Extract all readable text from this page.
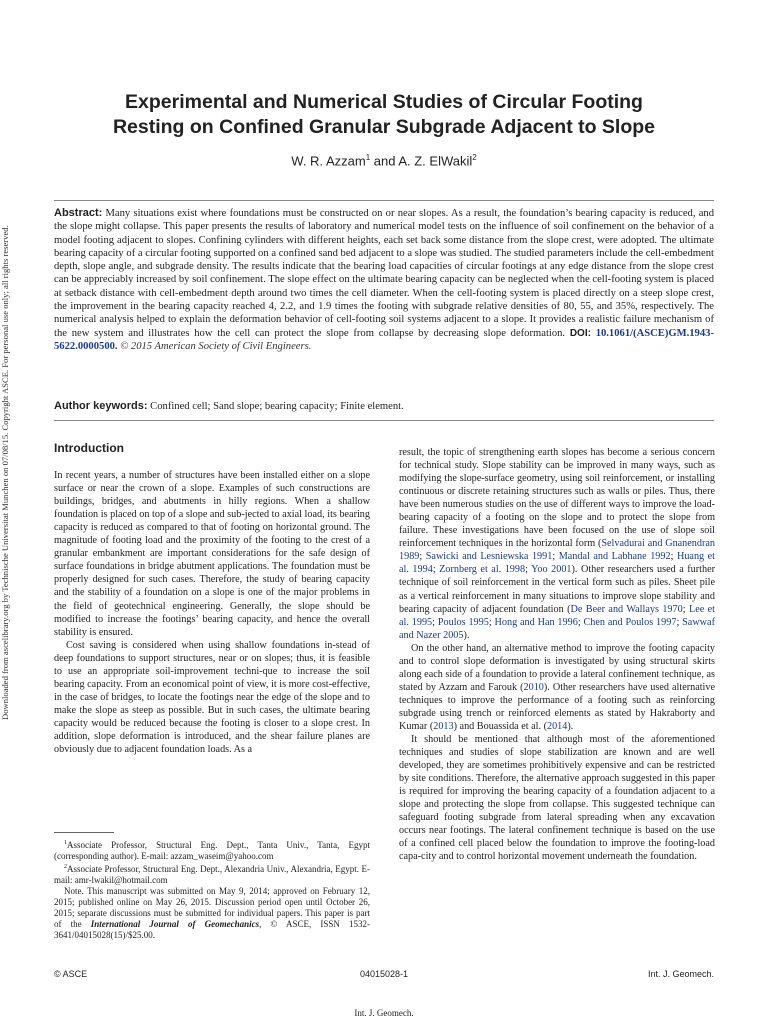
Downloaded from ascelibrary.org by Technische Universitat Munchen on 07/08/15. Copyright ASCE. For personal use only; all rights reserved.
Experimental and Numerical Studies of Circular Footing
Resting on Confined Granular Subgrade Adjacent to Slope
W. R. Azzam$^1$ and A. Z. ElWakil$^2$

Abstract: Many situations exist where foundations must be constructed on or near slopes. As a result, the foundation’s bearing capacity is reduced, and the slope might collapse. This paper presents the results of laboratory and numerical model tests on the influence of soil confinement on the behavior of a model footing adjacent to slopes. Confining cylinders with different heights, each set back some distance from the slope crest, were adopted. The ultimate bearing capacity of a circular footing supported on a confined sand bed adjacent to a slope was studied. The studied parameters include the cell-embedment depth, slope angle, and subgrade density. The results indicate that the bearing load capacities of circular footings at any edge distance from the slope crest can be appreciably increased by soil confinement. The slope effect on the ultimate bearing capacity can be neglected when the cell-footing system is placed at setback distance with cell-embedment depth around two times the cell diameter. When the cell-footing system is placed directly on a steep slope crest, the improvement in the bearing capacity reached 4, 2.2, and 1.9 times the footing with subgrade relative densities of 80, 55, and 35%, respectively. The numerical analysis helped to explain the deformation behavior of cell-footing soil systems adjacent to a slope. It provides a realistic failure mechanism of the new system and illustrates how the cell can protect the slope from collapse by decreasing slope deformation. DOI: 10.1061/(ASCE)GM.1943-5622.0000500. © 2015 American Society of Civil Engineers.

Author keywords: Confined cell; Sand slope; bearing capacity; Finite element.
Introduction

In recent years, a number of structures have been installed either on a slope surface or near the crown of a slope. Examples of such constructions are buildings, bridges, and abutments in hilly regions. When a shallow foundation is placed on top of a slope and sub-jected to axial load, its bearing capacity is reduced as compared to that of footing on horizontal ground. The magnitude of footing load and the proximity of the footing to the crest of a granular embankment are important considerations for the safe design of surface foundations in bridge abutment applications. The foundation must be properly designed for such cases. Therefore, the study of bearing capacity and the stability of a foundation on a slope is one of the major problems in the field of geotechnical engineering. Generally, the slope should be modified to increase the footings’ bearing capacity, and hence the overall stability is ensured.

Cost saving is considered when using shallow foundations in-stead of deep foundations to support structures, near or on slopes; thus, it is feasible to use an appropriate soil-improvement techni-que to increase the soil bearing capacity. From an economical point of view, it is more cost-effective, in the case of bridges, to locate the footings near the edge of the slope and to make the slope as steep as possible. But in such cases, the ultimate bearing capacity would be reduced because the footing is closer to a slope crest. In addition, slope deformation is introduced, and the shear failure planes are obviously due to adjacent foundation loads. As a

result, the topic of strengthening earth slopes has become a serious concern for technical study. Slope stability can be improved in many ways, such as modifying the slope-surface geometry, using soil reinforcement, or installing continuous or discrete retaining structures such as walls or piles. Thus, there have been numerous studies on the use of different ways to improve the load-bearing capacity of a footing on the slope and to protect the slope from failure. These investigations have been focused on the use of slope soil reinforcement techniques in the horizontal form (Selvadurai and Gnanendran 1989; Sawicki and Lesniewska 1991; Mandal and Labhane 1992; Huang et al. 1994; Zornberg et al. 1998; Yoo 2001). Other researchers used a further technique of soil reinforcement in the vertical form such as piles. Sheet pile as a vertical reinforcement in many situations to improve slope stability and bearing capacity of adjacent foundation (De Beer and Wallays 1970; Lee et al. 1995; Poulos 1995; Hong and Han 1996; Chen and Poulos 1997; Sawwaf and Nazer 2005).

On the other hand, an alternative method to improve the footing capacity and to control slope deformation is investigated by using structural skirts along each side of a foundation to provide a lateral confinement technique, as stated by Azzam and Farouk (2010). Other researchers have used alternative techniques to improve the performance of a footing such as reinforcing subgrade using trench or reinforced elements as stated by Hakraborty and Kumar (2013) and Bouassida et al. (2014).

It should be mentioned that although most of the aforementioned techniques and studies of slope stabilization are known and are well developed, they are sometimes prohibitively expensive and can be restricted by site conditions. Therefore, the alternative approach suggested in this paper is required for improving the bearing capacity of a foundation adjacent to a slope and protecting the slope from collapse. This suggested technique can safeguard footing subgrade from lateral spreading when any excavation occurs near footings. The lateral confinement technique is based on the use of a confined cell placed below the foundation to improve the footing-load capa-city and to control horizontal movement underneath the foundation.

$^1$Associate Professor, Structural Eng. Dept., Tanta Univ., Tanta, Egypt (corresponding author). E-mail: azzam_waseim@yahoo.com

$^2$Associate Professor, Structural Eng. Dept., Alexandria Univ., Alexandria, Egypt. E-mail: amr-lwakil@hotmail.com

Note. This manuscript was submitted on May 9, 2014; approved on February 12, 2015; published online on May 26, 2015. Discussion period open until October 26, 2015; separate discussions must be submitted for individual papers. This paper is part of the International Journal of Geomechanics, © ASCE, ISSN 1532-3641/04015028(15)/$25.00.

© ASCE	04015028-1	Int. J. Geomech.
Int. J. Geomech.
